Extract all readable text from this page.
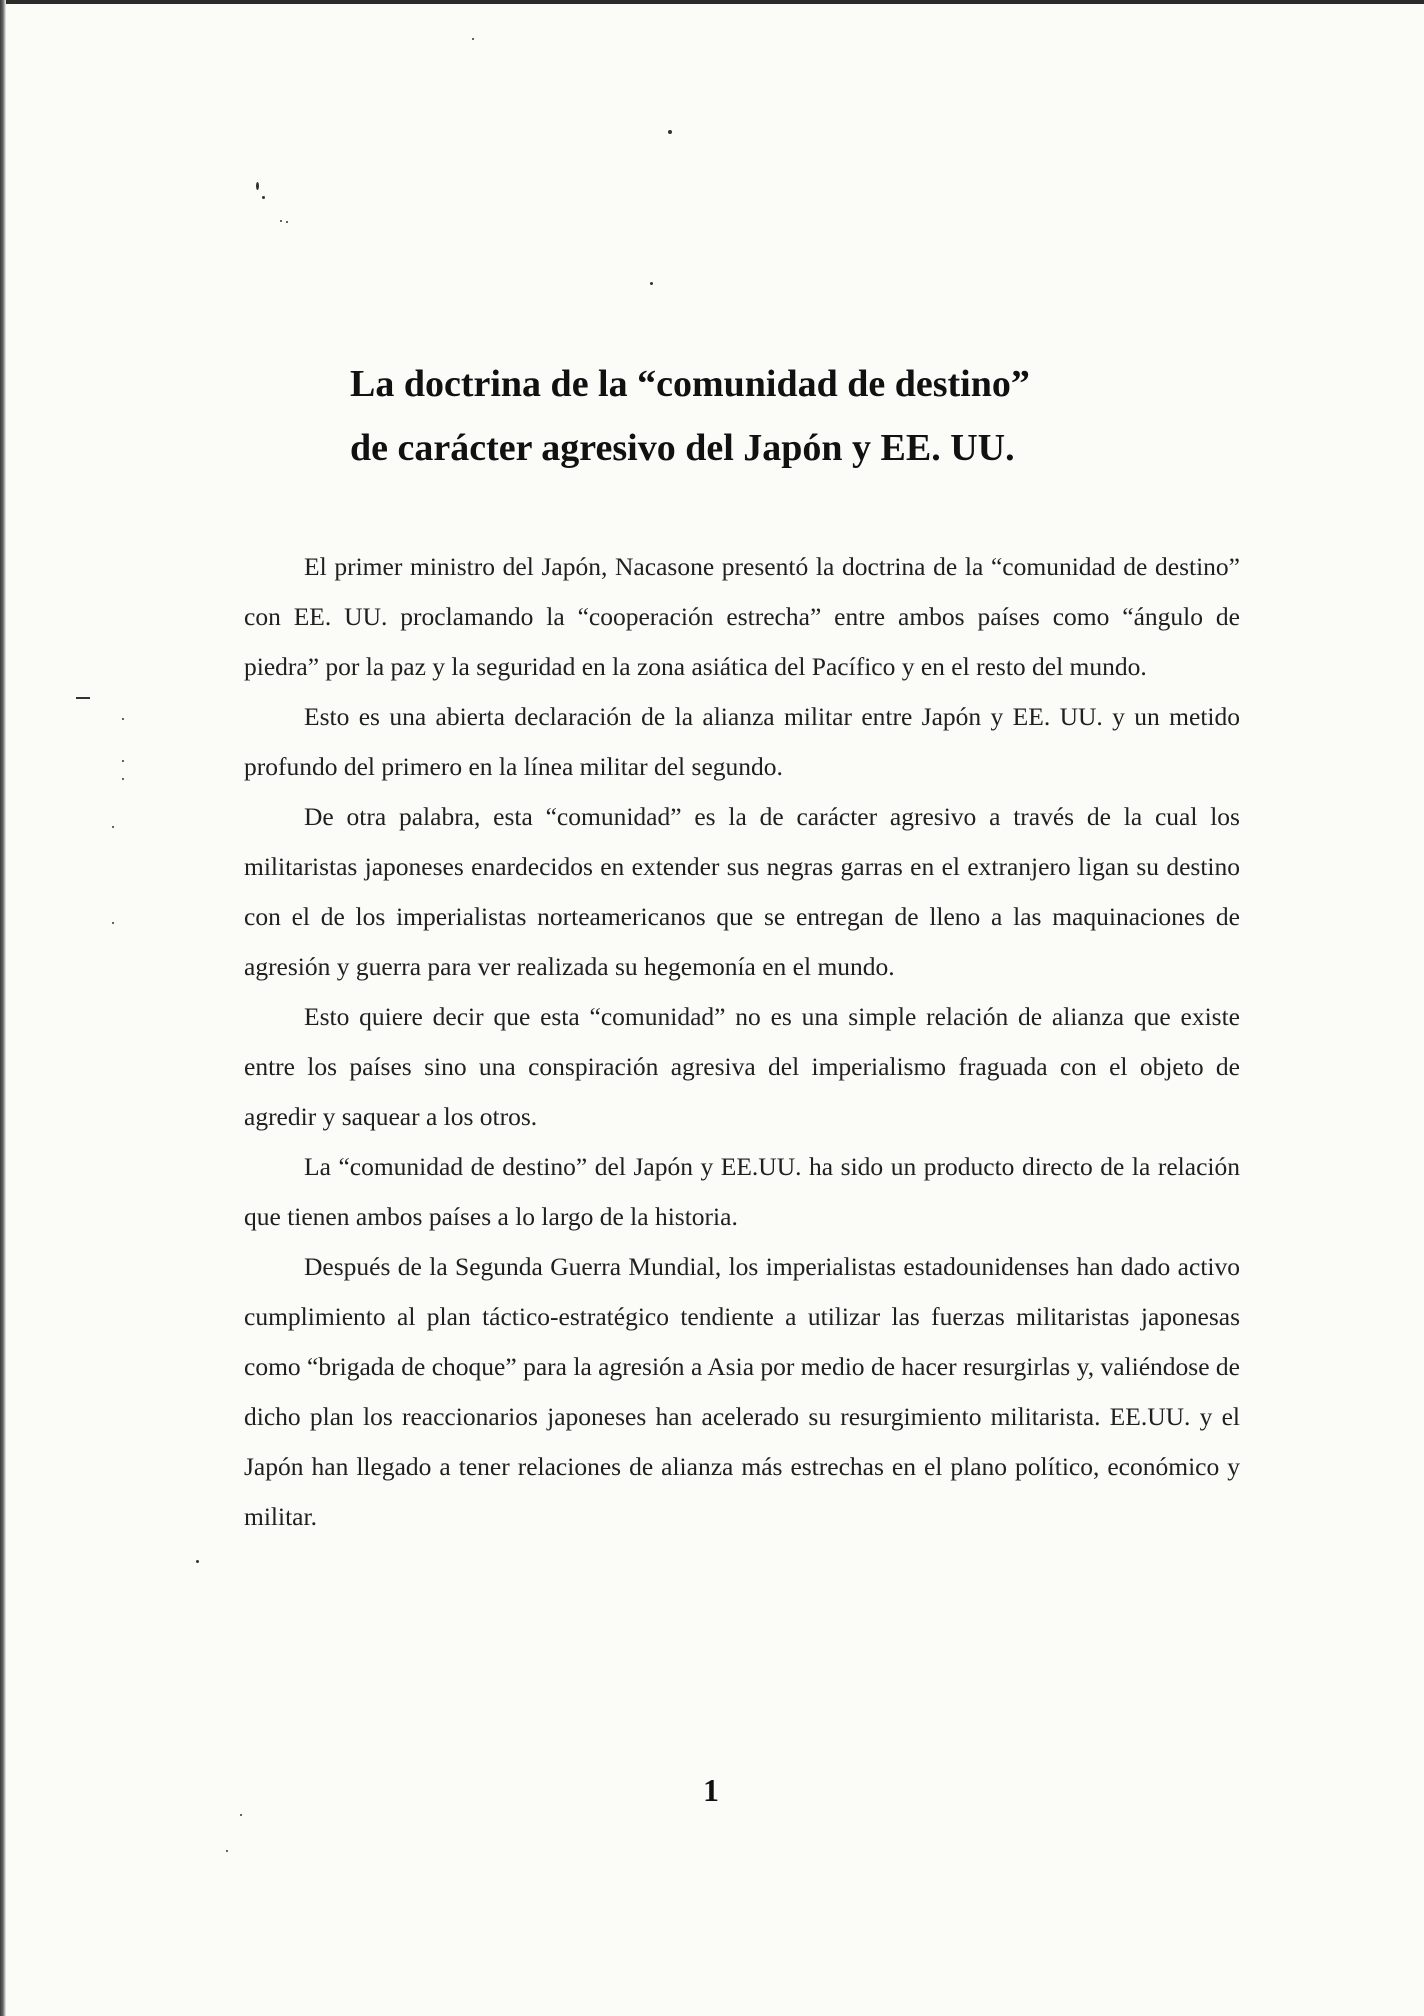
La doctrina de la “comunidad de destino”
de carácter agresivo del Japón y EE. UU.

El primer ministro del Japón, Nacasone presentó la doctrina de la “comunidad de destino” con EE. UU. proclamando la “cooperación estrecha” entre ambos países como “ángulo de piedra” por la paz y la seguridad en la zona asiática del Pacífico y en el resto del mundo.

Esto es una abierta declaración de la alianza militar entre Japón y EE. UU. y un metido profundo del primero en la línea militar del segundo.

De otra palabra, esta “comunidad” es la de carácter agresivo a través de la cual los militaristas japoneses enardecidos en extender sus negras garras en el extranjero ligan su destino con el de los imperialistas norteamericanos que se entregan de lleno a las maquinaciones de agresión y guerra para ver realizada su hegemonía en el mundo.

Esto quiere decir que esta “comunidad” no es una simple relación de alianza que existe entre los países sino una conspiración agresiva del imperialismo fraguada con el objeto de agredir y saquear a los otros.

La “comunidad de destino” del Japón y EE.UU. ha sido un producto directo de la relación que tienen ambos países a lo largo de la historia.

Después de la Segunda Guerra Mundial, los imperialistas estadounidenses han dado activo cumplimiento al plan táctico-estratégico tendiente a utilizar las fuerzas militaristas japonesas como “brigada de choque” para la agresión a Asia por medio de hacer resurgirlas y, valiéndose de dicho plan los reaccionarios japoneses han acelerado su resurgimiento militarista. EE.UU. y el Japón han llegado a tener relaciones de alianza más estrechas en el plano político, económico y militar.

1
